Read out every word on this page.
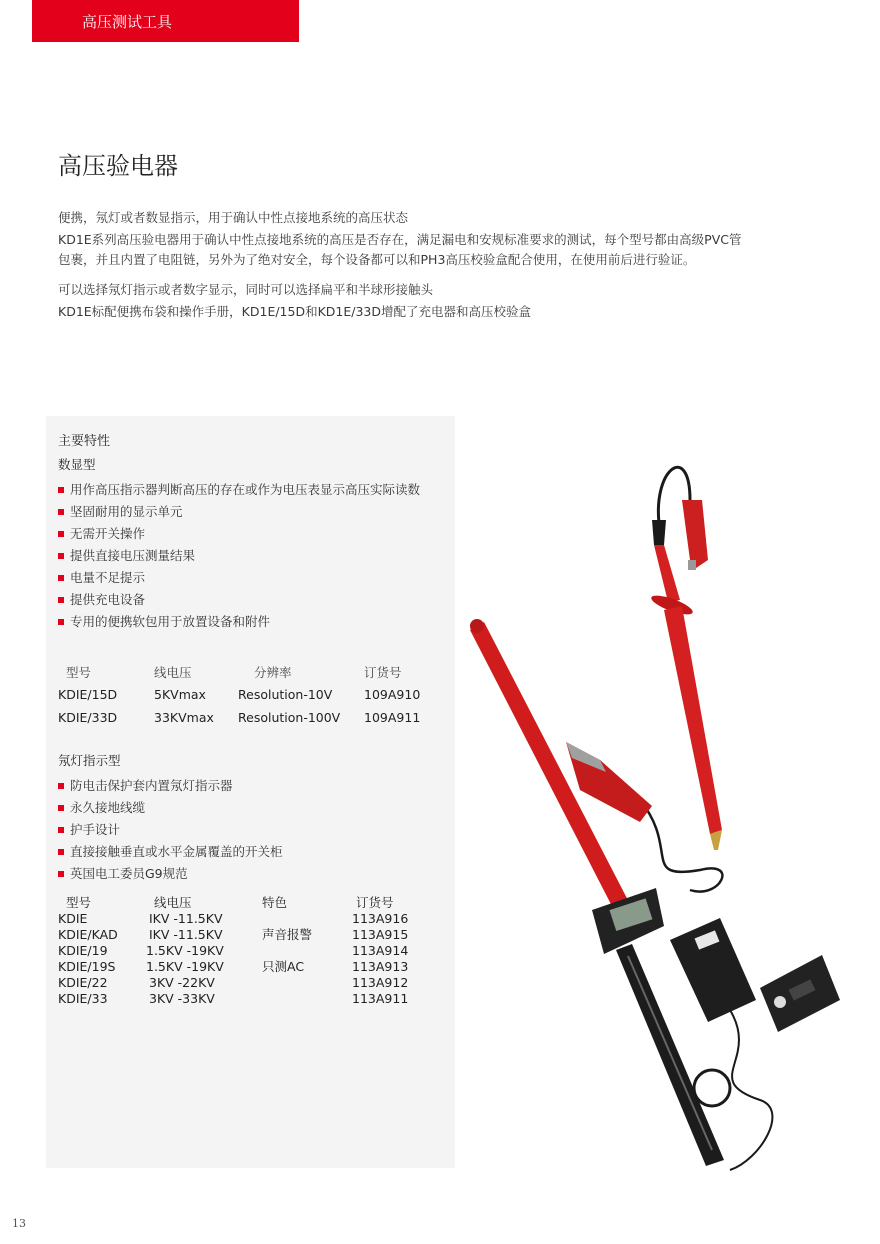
高压测试工具
高压验电器

便携，氖灯或者数显指示，用于确认中性点接地系统的高压状态

KD1E系列高压验电器用于确认中性点接地系统的高压是否存在，满足漏电和安规标准要求的测试，每个型号都由高级PVC管包裹，并且内置了电阻链，另外为了绝对安全，每个设备都可以和PH3高压校验盒配合使用，在使用前后进行验证。

可以选择氖灯指示或者数字显示，同时可以选择扁平和半球形接触头

KD1E标配便携布袋和操作手册，KD1E/15D和KD1E/33D增配了充电器和高压校验盒

主要特性
数显型
用作高压指示器判断高压的存在或作为电压表显示高压实际读数
坚固耐用的显示单元
无需开关操作
提供直接电压测量结果
电量不足提示
提供充电设备
专用的便携软包用于放置设备和附件
型号	线电压	分辨率	订货号
KDIE/15D	5KVmax	Resolution-10V	109A910
KDIE/33D	33KVmax	Resolution-100V	109A911
氖灯指示型
防电击保护套内置氖灯指示器
永久接地线缆
护手设计
直接接触垂直或水平金属覆盖的开关柜
英国电工委员G9规范
型号	线电压	特色	订货号
KDIE	IKV -11.5KV		113A916
KDIE/KAD	IKV -11.5KV	声音报警	113A915
KDIE/19	1.5KV -19KV		113A914
KDIE/19S	1.5KV -19KV	只测AC	113A913
KDIE/22	3KV -22KV		113A912
KDIE/33	3KV -33KV		113A911
13
